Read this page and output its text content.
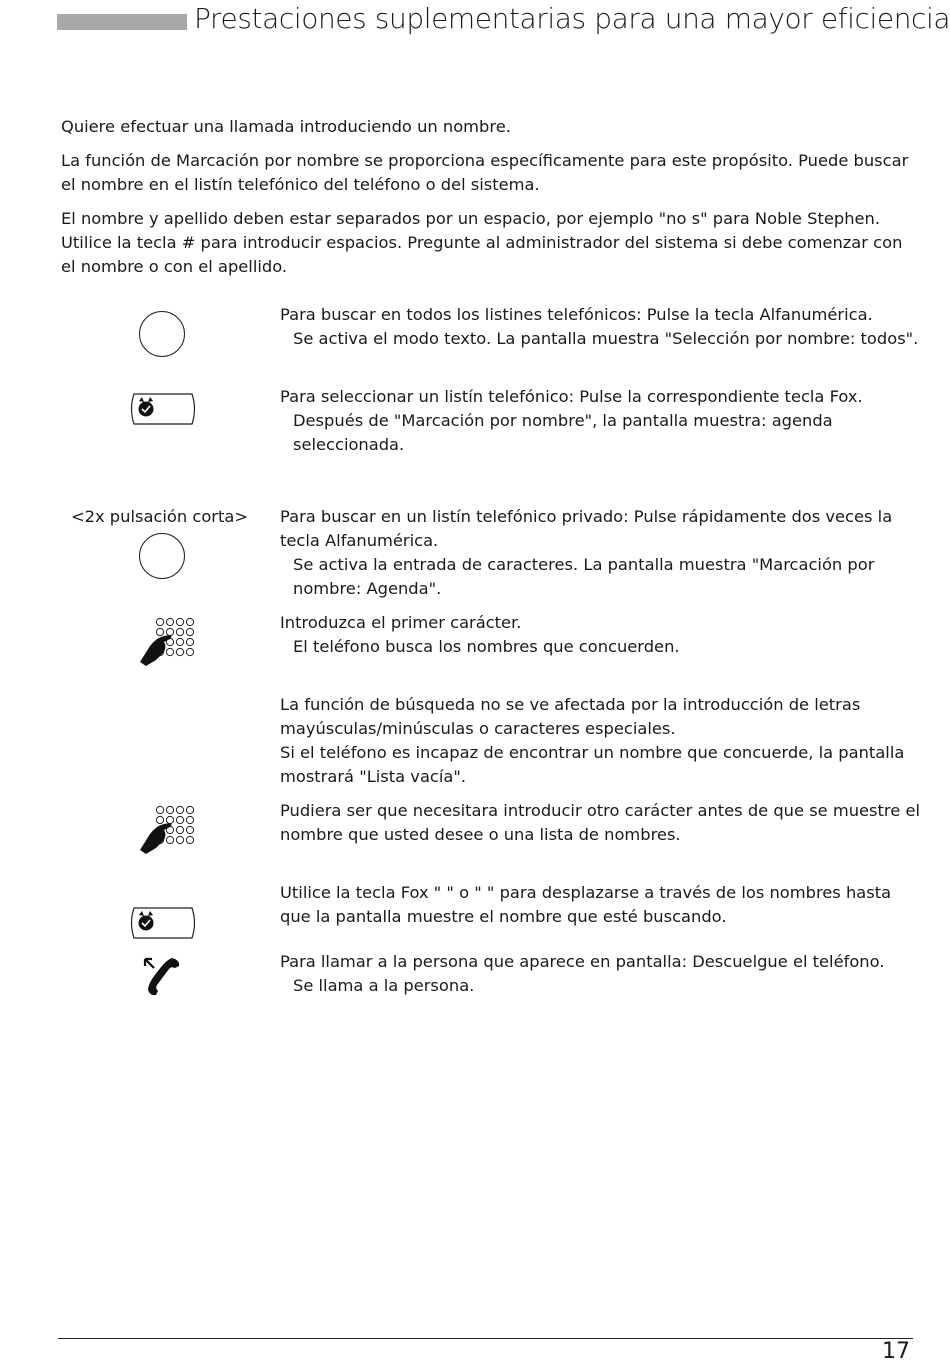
Prestaciones suplementarias para una mayor eficiencia
Quiere efectuar una llamada introduciendo un nombre.
La función de Marcación por nombre se proporciona específicamente para este propósito. Puede buscar el nombre en el listín telefónico del teléfono o del sistema.
El nombre y apellido deben estar separados por un espacio, por ejemplo "no s" para Noble Stephen. Utilice la tecla # para introducir espacios. Pregunte al administrador del sistema si debe comenzar con el nombre o con el apellido.
Para buscar en todos los listines telefónicos: Pulse la tecla Alfanumérica.
Se activa el modo texto. La pantalla muestra "Selección por nombre: todos".
Para seleccionar un listín telefónico: Pulse la correspondiente tecla Fox.
Después de "Marcación por nombre", la pantalla muestra: agenda seleccionada.
<2x pulsación corta> Para buscar en un listín telefónico privado: Pulse rápidamente dos veces la tecla Alfanumérica.
Se activa la entrada de caracteres. La pantalla muestra "Marcación por nombre: Agenda".
Introduzca el primer carácter.
El teléfono busca los nombres que concuerden.
La función de búsqueda no se ve afectada por la introducción de letras mayúsculas/minúsculas o caracteres especiales.
Si el teléfono es incapaz de encontrar un nombre que concuerde, la pantalla mostrará "Lista vacía".
Pudiera ser que necesitara introducir otro carácter antes de que se muestre el nombre que usted desee o una lista de nombres.
Utilice la tecla Fox " " o " " para desplazarse a través de los nombres hasta que la pantalla muestre el nombre que esté buscando.
Para llamar a la persona que aparece en pantalla: Descuelgue el teléfono.
Se llama a la persona.
17
